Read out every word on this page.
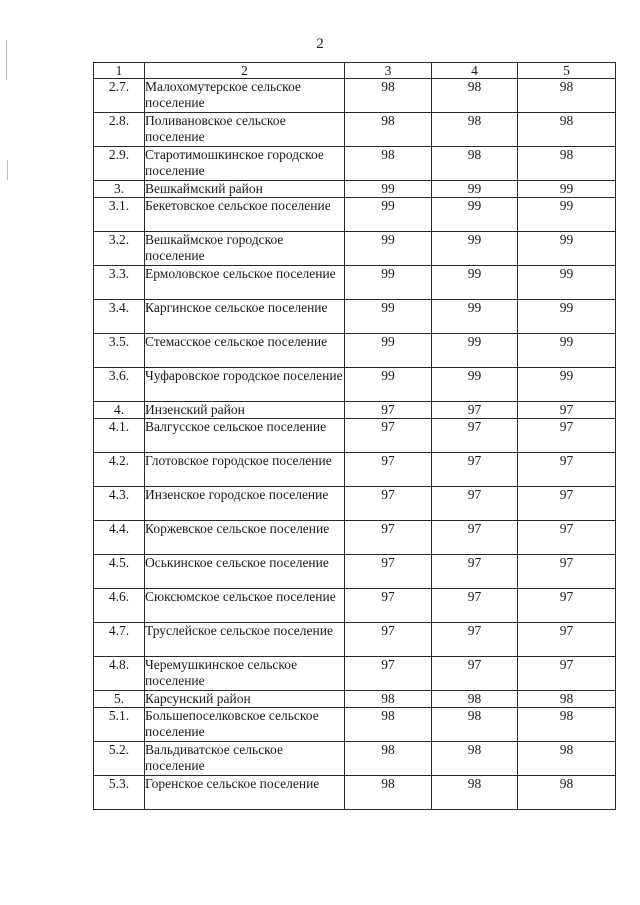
2
1	2	3	4	5
2.7.	Малохомутерское сельское поселение	98	98	98
2.8.	Поливановское сельское поселение	98	98	98
2.9.	Старотимошкинское городское поселение	98	98	98
3.	Вешкаймский район	99	99	99
3.1.	Бекетовское сельское поселение	99	99	99
3.2.	Вешкаймское городское поселение	99	99	99
3.3.	Ермоловское сельское поселение	99	99	99
3.4.	Каргинское сельское поселение	99	99	99
3.5.	Стемасское сельское поселение	99	99	99
3.6.	Чуфаровское городское поселение	99	99	99
4.	Инзенский район	97	97	97
4.1.	Валгусское сельское поселение	97	97	97
4.2.	Глотовское городское поселение	97	97	97
4.3.	Инзенское городское поселение	97	97	97
4.4.	Коржевское сельское поселение	97	97	97
4.5.	Оськинское сельское поселение	97	97	97
4.6.	Сюксюмское сельское поселение	97	97	97
4.7.	Труслейское сельское поселение	97	97	97
4.8.	Черемушкинское сельское поселение	97	97	97
5.	Карсунский район	98	98	98
5.1.	Большепоселковское сельское поселение	98	98	98
5.2.	Вальдиватское сельское поселение	98	98	98
5.3.	Горенское сельское поселение	98	98	98
